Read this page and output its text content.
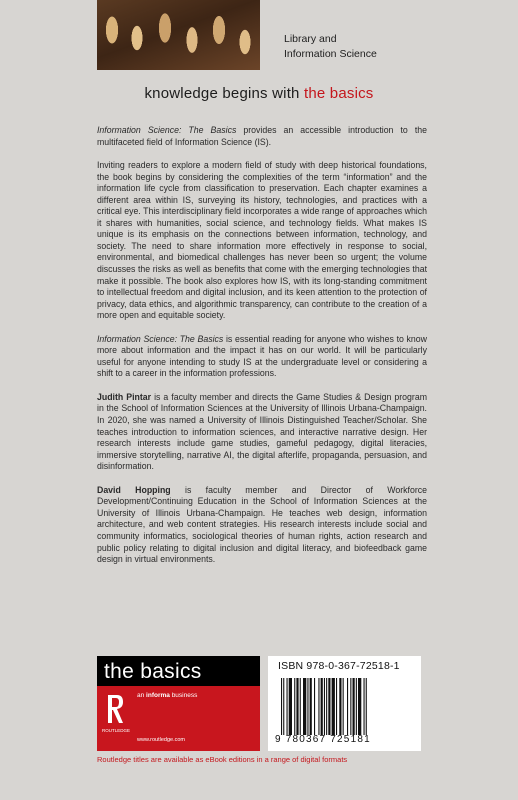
Library and
Information Science
knowledge begins with the basics

Information Science: The Basics provides an accessible introduction to the multifaceted field of Information Science (IS).

Inviting readers to explore a modern field of study with deep historical foundations, the book begins by considering the complexities of the term “information” and the information life cycle from classification to preservation. Each chapter examines a different area within IS, surveying its history, technologies, and practices with a critical eye. This interdisciplinary field incorporates a wide range of approaches which it shares with humanities, social science, and technology fields. What makes IS unique is its emphasis on the connections between information, technology, and society. The need to share information more effectively in response to social, environmental, and biomedical challenges has never been so urgent; the volume discusses the risks as well as benefits that come with the emerging technologies that make it possible. The book also explores how IS, with its long-standing commitment to intellectual freedom and digital inclusion, and its keen attention to the protection of privacy, data ethics, and algorithmic transparency, can contribute to the creation of a more open and equitable society.

Information Science: The Basics is essential reading for anyone who wishes to know more about information and the impact it has on our world. It will be particularly useful for anyone intending to study IS at the undergraduate level or considering a shift to a career in the information professions.

Judith Pintar is a faculty member and directs the Game Studies & Design program in the School of Information Sciences at the University of Illinois Urbana-Champaign. In 2020, she was named a University of Illinois Distinguished Teacher/Scholar. She teaches introduction to information sciences, and interactive narrative design. Her research interests include game studies, gameful pedagogy, digital literacies, immersive storytelling, narrative AI, the digital afterlife, propaganda, persuasion, and disinformation.

David Hopping is faculty member and Director of Workforce Development/Continuing Education in the School of Information Sciences at the University of Illinois Urbana-Champaign. He teaches web design, information architecture, and web content strategies. His research interests include social and community informatics, sociological theories of human rights, action research and public policy relating to digital inclusion and digital literacy, and biofeedback game design in virtual environments.

the basics
ROUTLEDGE
an informa business
www.routledge.com
ISBN 978-0-367-72518-1
9 780367 725181
Routledge titles are available as eBook editions in a range of digital formats
